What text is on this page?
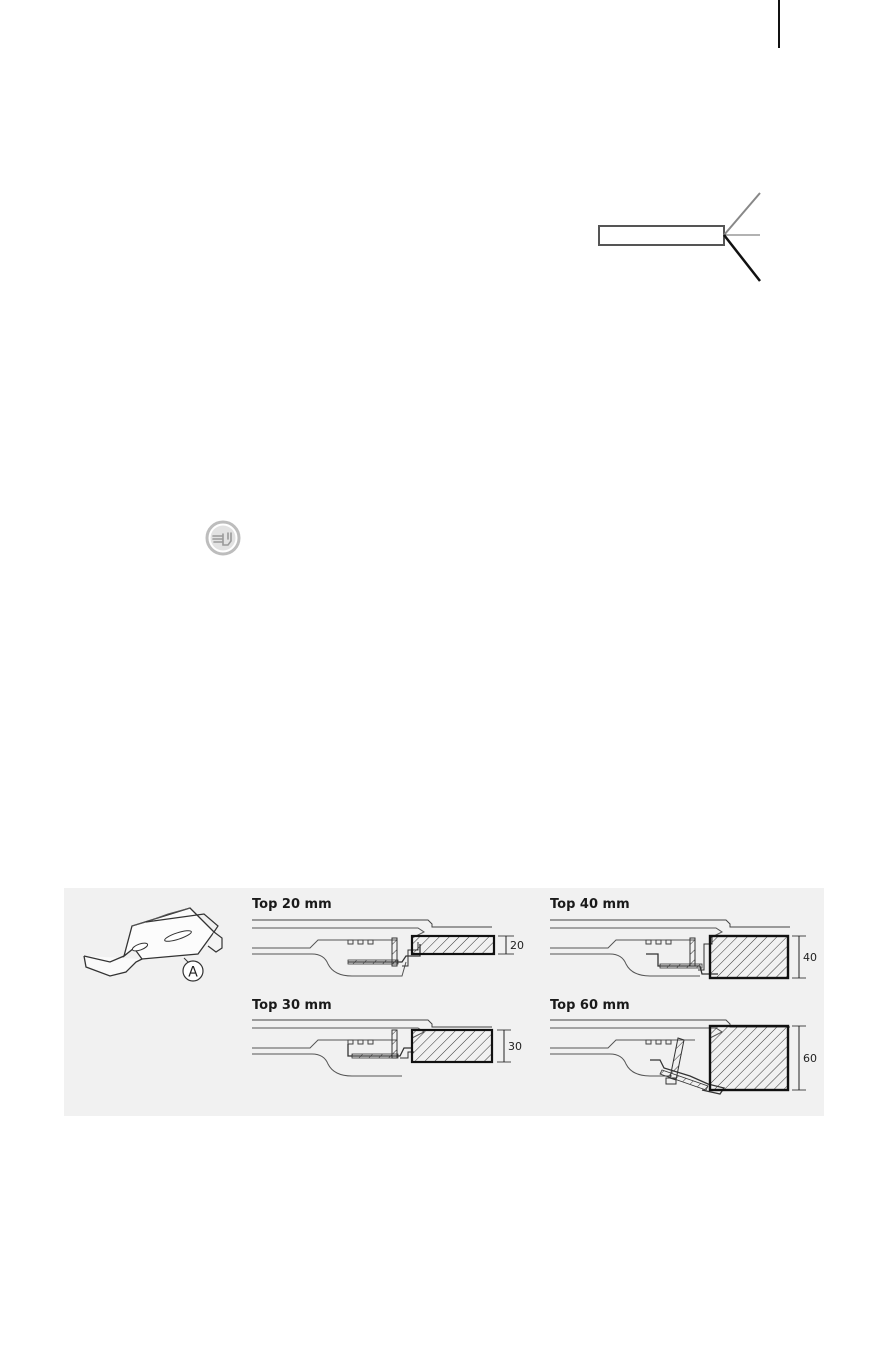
A
Top 20 mm
20
Top 40 mm
40
Top 30 mm
30
Top 60 mm
60
